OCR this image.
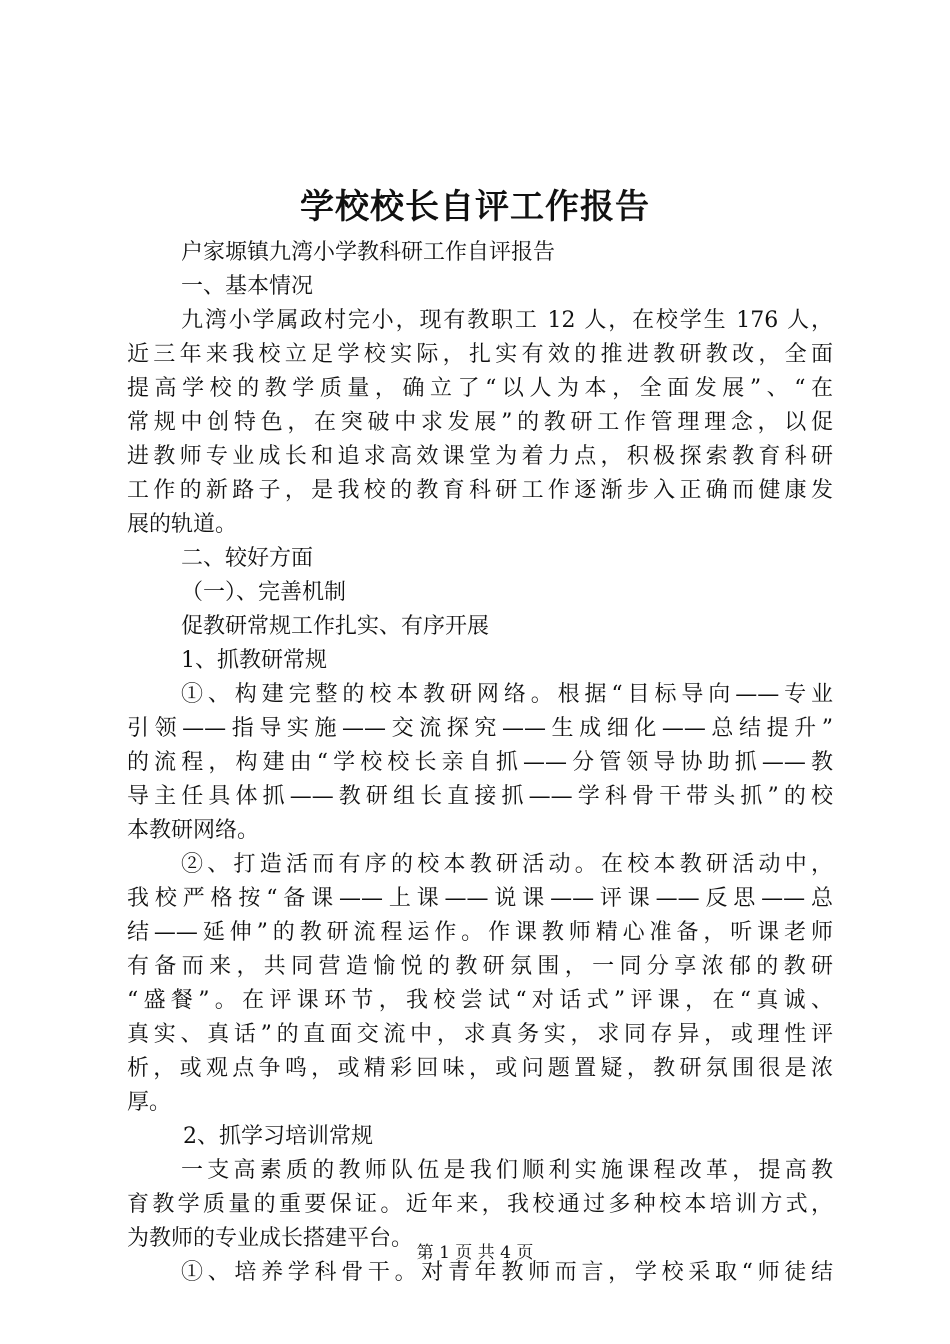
学校校长自评工作报告
户家塬镇九湾小学教科研工作自评报告
一、基本情况
九湾小学属政村完小，现有教职工 12 人，在校学生 176 人，
近三年来我校立足学校实际，扎实有效的推进教研教改，全面
提高学校的教学质量，确立了“以人为本，全面发展”、“在
常规中创特色，在突破中求发展”的教研工作管理理念，以促
进教师专业成长和追求高效课堂为着力点，积极探索教育科研
工作的新路子，是我校的教育科研工作逐渐步入正确而健康发
展的轨道。
二、较好方面
（一）、完善机制
促教研常规工作扎实、有序开展
1、抓教研常规
①、构建完整的校本教研网络。根据“目标导向——专业
引领——指导实施——交流探究——生成细化——总结提升”
的流程，构建由“学校校长亲自抓——分管领导协助抓——教
导主任具体抓——教研组长直接抓——学科骨干带头抓”的校
本教研网络。
②、打造活而有序的校本教研活动。在校本教研活动中，
我校严格按“备课——上课——说课——评课——反思——总
结——延伸”的教研流程运作。作课教师精心准备，听课老师
有备而来，共同营造愉悦的教研氛围，一同分享浓郁的教研
“盛餐”。在评课环节，我校尝试“对话式”评课，在“真诚、
真实、真话”的直面交流中，求真务实，求同存异，或理性评
析，或观点争鸣，或精彩回味，或问题置疑，教研氛围很是浓
厚。
2、抓学习培训常规
一支高素质的教师队伍是我们顺利实施课程改革，提高教
育教学质量的重要保证。近年来，我校通过多种校本培训方式，
为教师的专业成长搭建平台。
①、培养学科骨干。对青年教师而言，学校采取“师徒结
第 1 页 共 4 页
